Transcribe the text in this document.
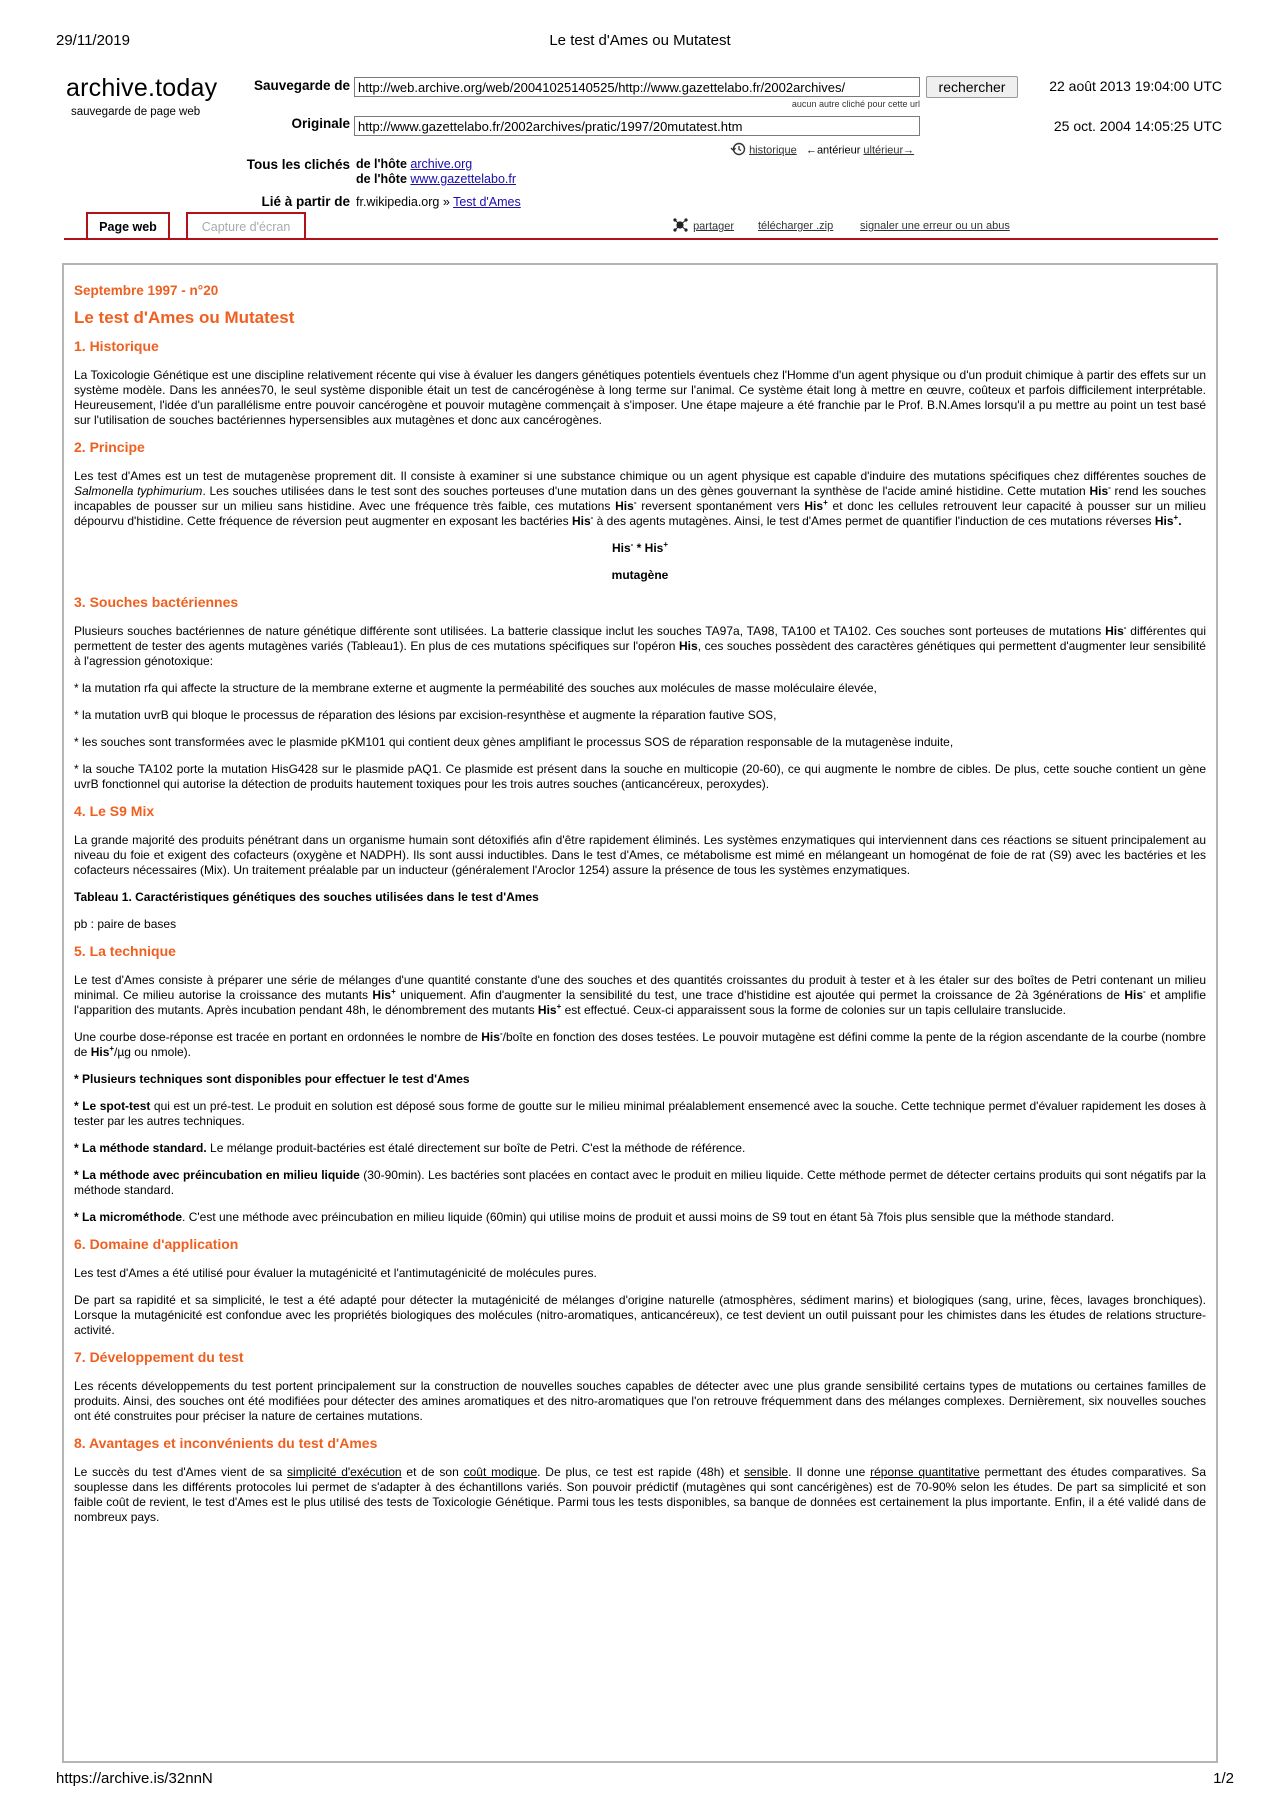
29/11/2019	Le test d'Ames ou Mutatest
https://archive.is/32nnN	1/2
archive.today
sauvegarde de page web
Sauvegarde de http://web.archive.org/web/20041025140525/http://www.gazettelabo.fr/2002archives/	rechercher	22 août 2013 19:04:00 UTC
aucun autre cliché pour cette url
Originale http://www.gazettelabo.fr/2002archives/pratic/1997/20mutatest.htm	25 oct. 2004 14:05:25 UTC
historique ←antérieur ultérieur→
Tous les clichés de l'hôte archive.org
de l'hôte www.gazettelabo.fr
Lié à partir de fr.wikipedia.org » Test d'Ames
Page web	Capture d'écran	partager télécharger .zip signaler une erreur ou un abus
Septembre 1997 - n°20
Le test d'Ames ou Mutatest
1. Historique

La Toxicologie Génétique est une discipline relativement récente qui vise à évaluer les dangers génétiques potentiels éventuels chez l'Homme d'un agent physique ou d'un produit chimique à partir des effets sur un système modèle. Dans les années70, le seul système disponible était un test de cancérogénèse à long terme sur l'animal. Ce système était long à mettre en œuvre, coûteux et parfois difficilement interprétable. Heureusement, l'idée d'un parallélisme entre pouvoir cancérogène et pouvoir mutagène commençait à s'imposer. Une étape majeure a été franchie par le Prof. B.N.Ames lorsqu'il a pu mettre au point un test basé sur l'utilisation de souches bactériennes hypersensibles aux mutagènes et donc aux cancérogènes.

2. Principe

Les test d'Ames est un test de mutagenèse proprement dit. Il consiste à examiner si une substance chimique ou un agent physique est capable d'induire des mutations spécifiques chez différentes souches de Salmonella typhimurium. Les souches utilisées dans le test sont des souches porteuses d'une mutation dans un des gènes gouvernant la synthèse de l'acide aminé histidine. Cette mutation His- rend les souches incapables de pousser sur un milieu sans histidine. Avec une fréquence très faible, ces mutations His- reversent spontanément vers His+ et donc les cellules retrouvent leur capacité à pousser sur un milieu dépourvu d'histidine. Cette fréquence de réversion peut augmenter en exposant les bactéries His- à des agents mutagènes. Ainsi, le test d'Ames permet de quantifier l'induction de ces mutations réverses His+.

His- * His+

mutagène

3. Souches bactériennes

Plusieurs souches bactériennes de nature génétique différente sont utilisées. La batterie classique inclut les souches TA97a, TA98, TA100 et TA102. Ces souches sont porteuses de mutations His- différentes qui permettent de tester des agents mutagènes variés (Tableau1). En plus de ces mutations spécifiques sur l'opéron His, ces souches possèdent des caractères génétiques qui permettent d'augmenter leur sensibilité à l'agression génotoxique:

* la mutation rfa qui affecte la structure de la membrane externe et augmente la perméabilité des souches aux molécules de masse moléculaire élevée,

* la mutation uvrB qui bloque le processus de réparation des lésions par excision-resynthèse et augmente la réparation fautive SOS,

* les souches sont transformées avec le plasmide pKM101 qui contient deux gènes amplifiant le processus SOS de réparation responsable de la mutagenèse induite,

* la souche TA102 porte la mutation HisG428 sur le plasmide pAQ1. Ce plasmide est présent dans la souche en multicopie (20-60), ce qui augmente le nombre de cibles. De plus, cette souche contient un gène uvrB fonctionnel qui autorise la détection de produits hautement toxiques pour les trois autres souches (anticancéreux, peroxydes).

4. Le S9 Mix

La grande majorité des produits pénétrant dans un organisme humain sont détoxifiés afin d'être rapidement éliminés. Les systèmes enzymatiques qui interviennent dans ces réactions se situent principalement au niveau du foie et exigent des cofacteurs (oxygène et NADPH). Ils sont aussi inductibles. Dans le test d'Ames, ce métabolisme est mimé en mélangeant un homogénat de foie de rat (S9) avec les bactéries et les cofacteurs nécessaires (Mix). Un traitement préalable par un inducteur (généralement l'Aroclor 1254) assure la présence de tous les systèmes enzymatiques.

Tableau 1. Caractéristiques génétiques des souches utilisées dans le test d'Ames

pb : paire de bases

5. La technique

Le test d'Ames consiste à préparer une série de mélanges d'une quantité constante d'une des souches et des quantités croissantes du produit à tester et à les étaler sur des boîtes de Petri contenant un milieu minimal. Ce milieu autorise la croissance des mutants His+ uniquement. Afin d'augmenter la sensibilité du test, une trace d'histidine est ajoutée qui permet la croissance de 2à 3générations de His- et amplifie l'apparition des mutants. Après incubation pendant 48h, le dénombrement des mutants His+ est effectué. Ceux-ci apparaissent sous la forme de colonies sur un tapis cellulaire translucide.

Une courbe dose-réponse est tracée en portant en ordonnées le nombre de His-/boîte en fonction des doses testées. Le pouvoir mutagène est défini comme la pente de la région ascendante de la courbe (nombre de His+/µg ou nmole).

* Plusieurs techniques sont disponibles pour effectuer le test d'Ames

* Le spot-test qui est un pré-test. Le produit en solution est déposé sous forme de goutte sur le milieu minimal préalablement ensemencé avec la souche. Cette technique permet d'évaluer rapidement les doses à tester par les autres techniques.

* La méthode standard. Le mélange produit-bactéries est étalé directement sur boîte de Petri. C'est la méthode de référence.

* La méthode avec préincubation en milieu liquide (30-90min). Les bactéries sont placées en contact avec le produit en milieu liquide. Cette méthode permet de détecter certains produits qui sont négatifs par la méthode standard.

* La microméthode. C'est une méthode avec préincubation en milieu liquide (60min) qui utilise moins de produit et aussi moins de S9 tout en étant 5à 7fois plus sensible que la méthode standard.

6. Domaine d'application

Les test d'Ames a été utilisé pour évaluer la mutagénicité et l'antimutagénicité de molécules pures.

De part sa rapidité et sa simplicité, le test a été adapté pour détecter la mutagénicité de mélanges d'origine naturelle (atmosphères, sédiment marins) et biologiques (sang, urine, fèces, lavages bronchiques). Lorsque la mutagénicité est confondue avec les propriétés biologiques des molécules (nitro-aromatiques, anticancéreux), ce test devient un outil puissant pour les chimistes dans les études de relations structure-activité.

7. Développement du test

Les récents développements du test portent principalement sur la construction de nouvelles souches capables de détecter avec une plus grande sensibilité certains types de mutations ou certaines familles de produits. Ainsi, des souches ont été modifiées pour détecter des amines aromatiques et des nitro-aromatiques que l'on retrouve fréquemment dans des mélanges complexes. Dernièrement, six nouvelles souches ont été construites pour préciser la nature de certaines mutations.

8. Avantages et inconvénients du test d'Ames

Le succès du test d'Ames vient de sa simplicité d'exécution et de son coût modique. De plus, ce test est rapide (48h) et sensible. Il donne une réponse quantitative permettant des études comparatives. Sa souplesse dans les différents protocoles lui permet de s'adapter à des échantillons variés. Son pouvoir prédictif (mutagènes qui sont cancérigènes) est de 70-90% selon les études. De part sa simplicité et son faible coût de revient, le test d'Ames est le plus utilisé des tests de Toxicologie Génétique. Parmi tous les tests disponibles, sa banque de données est certainement la plus importante. Enfin, il a été validé dans de nombreux pays.
